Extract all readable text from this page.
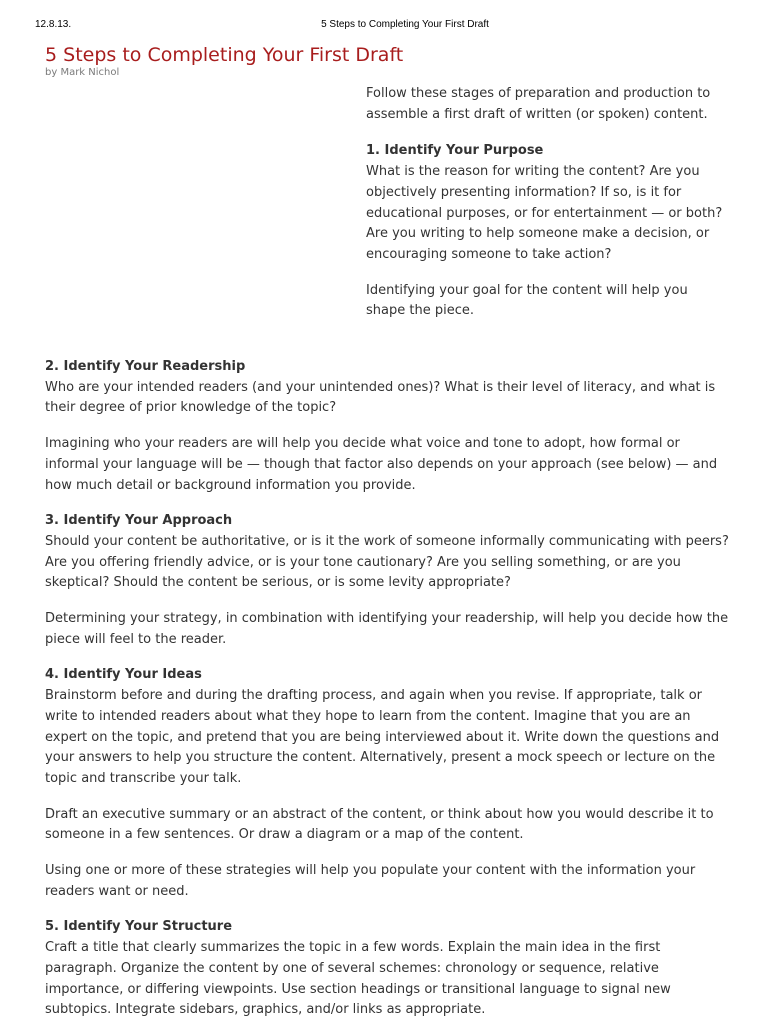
12.8.13.	5 Steps to Completing Your First Draft
5 Steps to Completing Your First Draft
by Mark Nichol

Follow these stages of preparation and production to assemble a first draft of written (or spoken) content.

1. Identify Your Purpose

What is the reason for writing the content? Are you objectively presenting information? If so, is it for educational purposes, or for entertainment — or both? Are you writing to help someone make a decision, or encouraging someone to take action?

Identifying your goal for the content will help you shape the piece.

2. Identify Your Readership

Who are your intended readers (and your unintended ones)? What is their level of literacy, and what is their degree of prior knowledge of the topic?

Imagining who your readers are will help you decide what voice and tone to adopt, how formal or informal your language will be — though that factor also depends on your approach (see below) — and how much detail or background information you provide.

3. Identify Your Approach

Should your content be authoritative, or is it the work of someone informally communicating with peers? Are you offering friendly advice, or is your tone cautionary? Are you selling something, or are you skeptical? Should the content be serious, or is some levity appropriate?

Determining your strategy, in combination with identifying your readership, will help you decide how the piece will feel to the reader.

4. Identify Your Ideas

Brainstorm before and during the drafting process, and again when you revise. If appropriate, talk or write to intended readers about what they hope to learn from the content. Imagine that you are an expert on the topic, and pretend that you are being interviewed about it. Write down the questions and your answers to help you structure the content. Alternatively, present a mock speech or lecture on the topic and transcribe your talk.

Draft an executive summary or an abstract of the content, or think about how you would describe it to someone in a few sentences. Or draw a diagram or a map of the content.

Using one or more of these strategies will help you populate your content with the information your readers want or need.

5. Identify Your Structure

Craft a title that clearly summarizes the topic in a few words. Explain the main idea in the first paragraph. Organize the content by one of several schemes: chronology or sequence, relative importance, or differing viewpoints. Use section headings or transitional language to signal new subtopics. Integrate sidebars, graphics, and/or links as appropriate.
